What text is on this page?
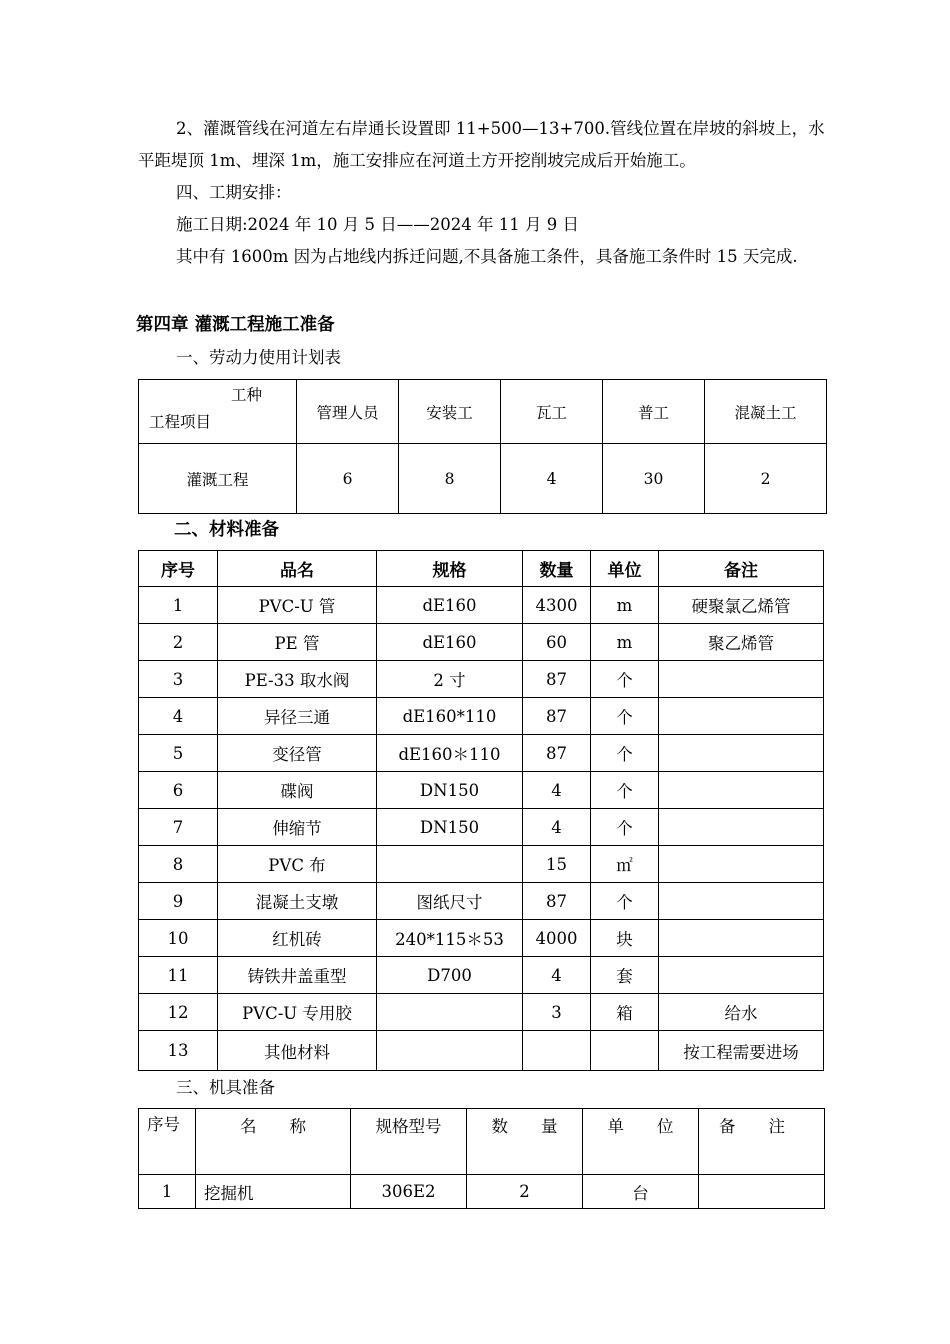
2、灌溉管线在河道左右岸通长设置即 11+500—13+700.管线位置在岸坡的斜坡上，水平距堤顶 1m、埋深 1m，施工安排应在河道土方开挖削坡完成后开始施工。

四、工期安排：

施工日期:2024 年 10 月 5 日——2024 年 11 月 9 日

其中有 1600m 因为占地线内拆迁问题,不具备施工条件，具备施工条件时 15 天完成.

第四章 灌溉工程施工准备

一、劳动力使用计划表

工种
工程项目	管理人员	安装工	瓦工	普工	混凝土工
灌溉工程	6	8	4	30	2
二、材料准备
序号	品名	规格	数量	单位	备注
1	PVC-U 管	dE160	4300	m	硬聚氯乙烯管
2	PE 管	dE160	60	m	聚乙烯管
3	PE-33 取水阀	2 寸	87	个	
4	异径三通	dE160*110	87	个	
5	变径管	dE160＊110	87	个	
6	碟阀	DN150	4	个	
7	伸缩节	DN150	4	个	
8	PVC 布		15	㎡	
9	混凝土支墩	图纸尺寸	87	个	
10	红机砖	240*115＊53	4000	块	
11	铸铁井盖重型	D700	4	套	
12	PVC-U 专用胶		3	箱	给水
13	其他材料				按工程需要进场

三、机具准备

序号	名　　称	规格型号	数　　量	单　　位	备　　注
1	挖掘机	306E2	2	台	
